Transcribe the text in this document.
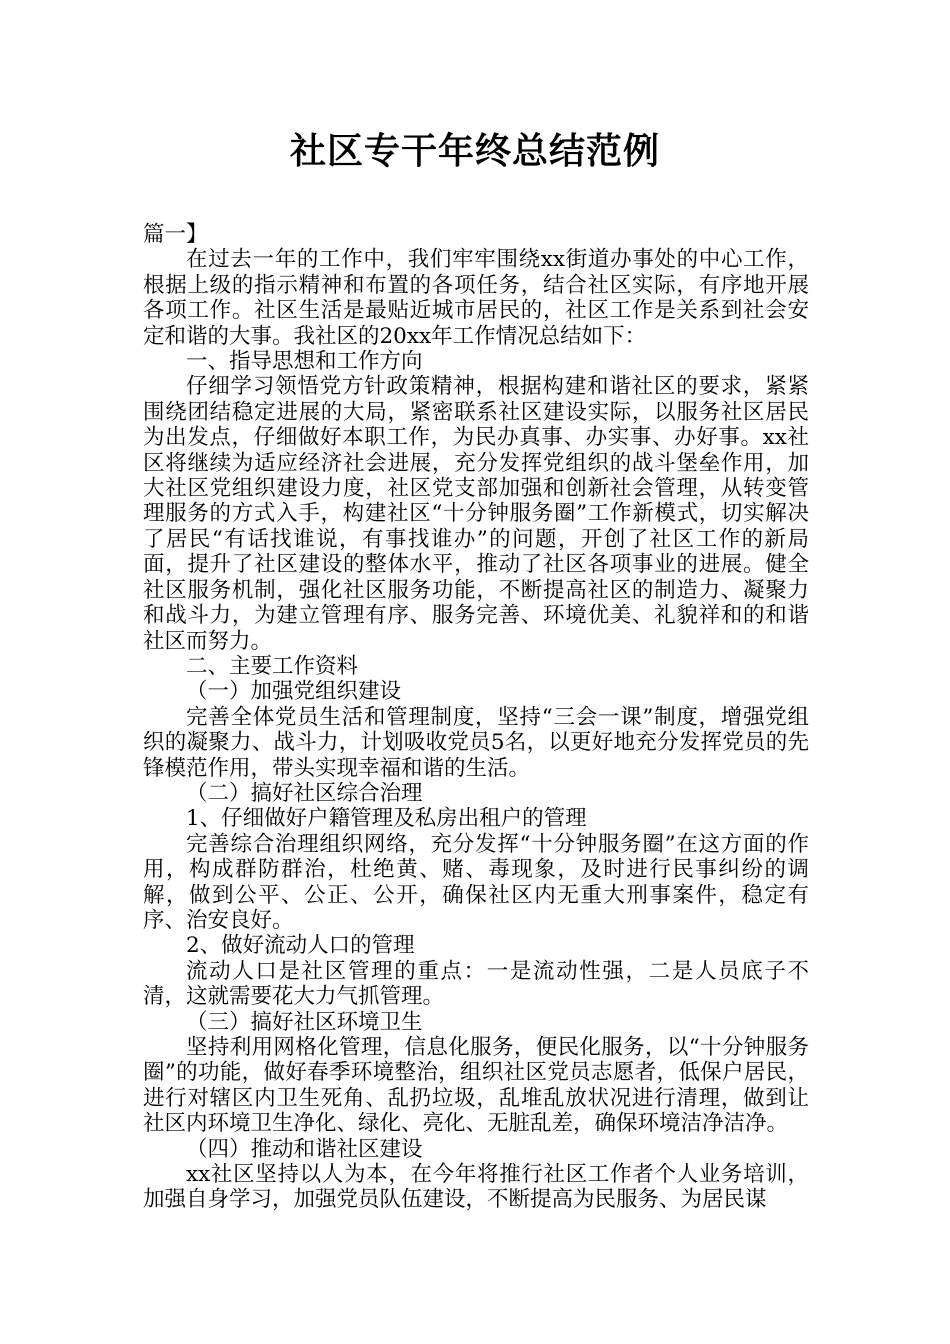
社区专干年终总结范例

篇一】

在过去一年的工作中，我们牢牢围绕xx街道办事处的中心工作，根据上级的指示精神和布置的各项任务，结合社区实际，有序地开展各项工作。社区生活是最贴近城市居民的，社区工作是关系到社会安定和谐的大事。我社区的20xx年工作情况总结如下：

一、指导思想和工作方向

仔细学习领悟党方针政策精神，根据构建和谐社区的要求，紧紧围绕团结稳定进展的大局，紧密联系社区建设实际，以服务社区居民为出发点，仔细做好本职工作，为民办真事、办实事、办好事。xx社区将继续为适应经济社会进展，充分发挥党组织的战斗堡垒作用，加大社区党组织建设力度，社区党支部加强和创新社会管理，从转变管理服务的方式入手，构建社区“十分钟服务圈”工作新模式，切实解决了居民“有话找谁说，有事找谁办”的问题，开创了社区工作的新局面，提升了社区建设的整体水平，推动了社区各项事业的进展。健全社区服务机制，强化社区服务功能，不断提高社区的制造力、凝聚力和战斗力，为建立管理有序、服务完善、环境优美、礼貌祥和的和谐社区而努力。

二、主要工作资料

（一）加强党组织建设

完善全体党员生活和管理制度，坚持“三会一课”制度，增强党组织的凝聚力、战斗力，计划吸收党员5名，以更好地充分发挥党员的先锋模范作用，带头实现幸福和谐的生活。

（二）搞好社区综合治理

1、仔细做好户籍管理及私房出租户的管理

完善综合治理组织网络，充分发挥“十分钟服务圈”在这方面的作用，构成群防群治，杜绝黄、赌、毒现象，及时进行民事纠纷的调解，做到公平、公正、公开，确保社区内无重大刑事案件，稳定有序、治安良好。

2、做好流动人口的管理

流动人口是社区管理的重点：一是流动性强，二是人员底子不清，这就需要花大力气抓管理。

（三）搞好社区环境卫生

坚持利用网格化管理，信息化服务，便民化服务，以“十分钟服务圈”的功能，做好春季环境整治，组织社区党员志愿者，低保户居民，进行对辖区内卫生死角、乱扔垃圾，乱堆乱放状况进行清理，做到让社区内环境卫生净化、绿化、亮化、无脏乱差，确保环境洁净洁净。

（四）推动和谐社区建设

xx社区坚持以人为本，在今年将推行社区工作者个人业务培训，加强自身学习，加强党员队伍建设，不断提高为民服务、为居民谋
